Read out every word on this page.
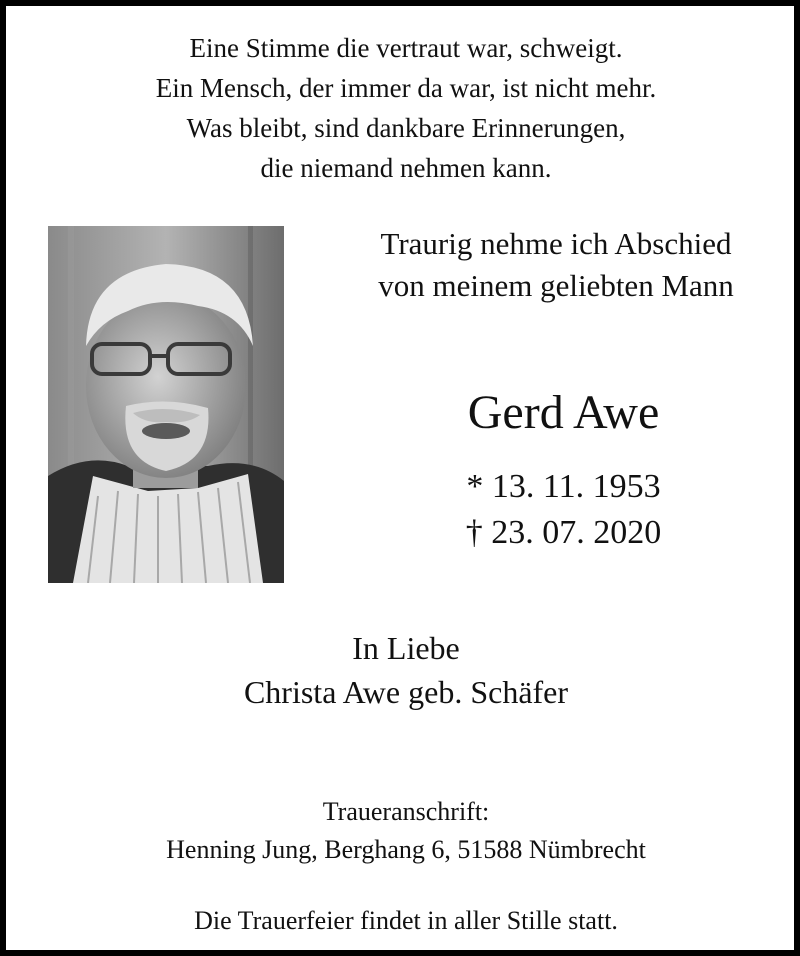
Eine Stimme die vertraut war, schweigt.
Ein Mensch, der immer da war, ist nicht mehr.
Was bleibt, sind dankbare Erinnerungen,
die niemand nehmen kann.
Traurig nehme ich Abschied
von meinem geliebten Mann
Gerd Awe
* 13. 11. 1953
† 23. 07. 2020
In Liebe
Christa Awe geb. Schäfer
Traueranschrift:
Henning Jung, Berghang 6, 51588 Nümbrecht
Die Trauerfeier findet in aller Stille statt.
